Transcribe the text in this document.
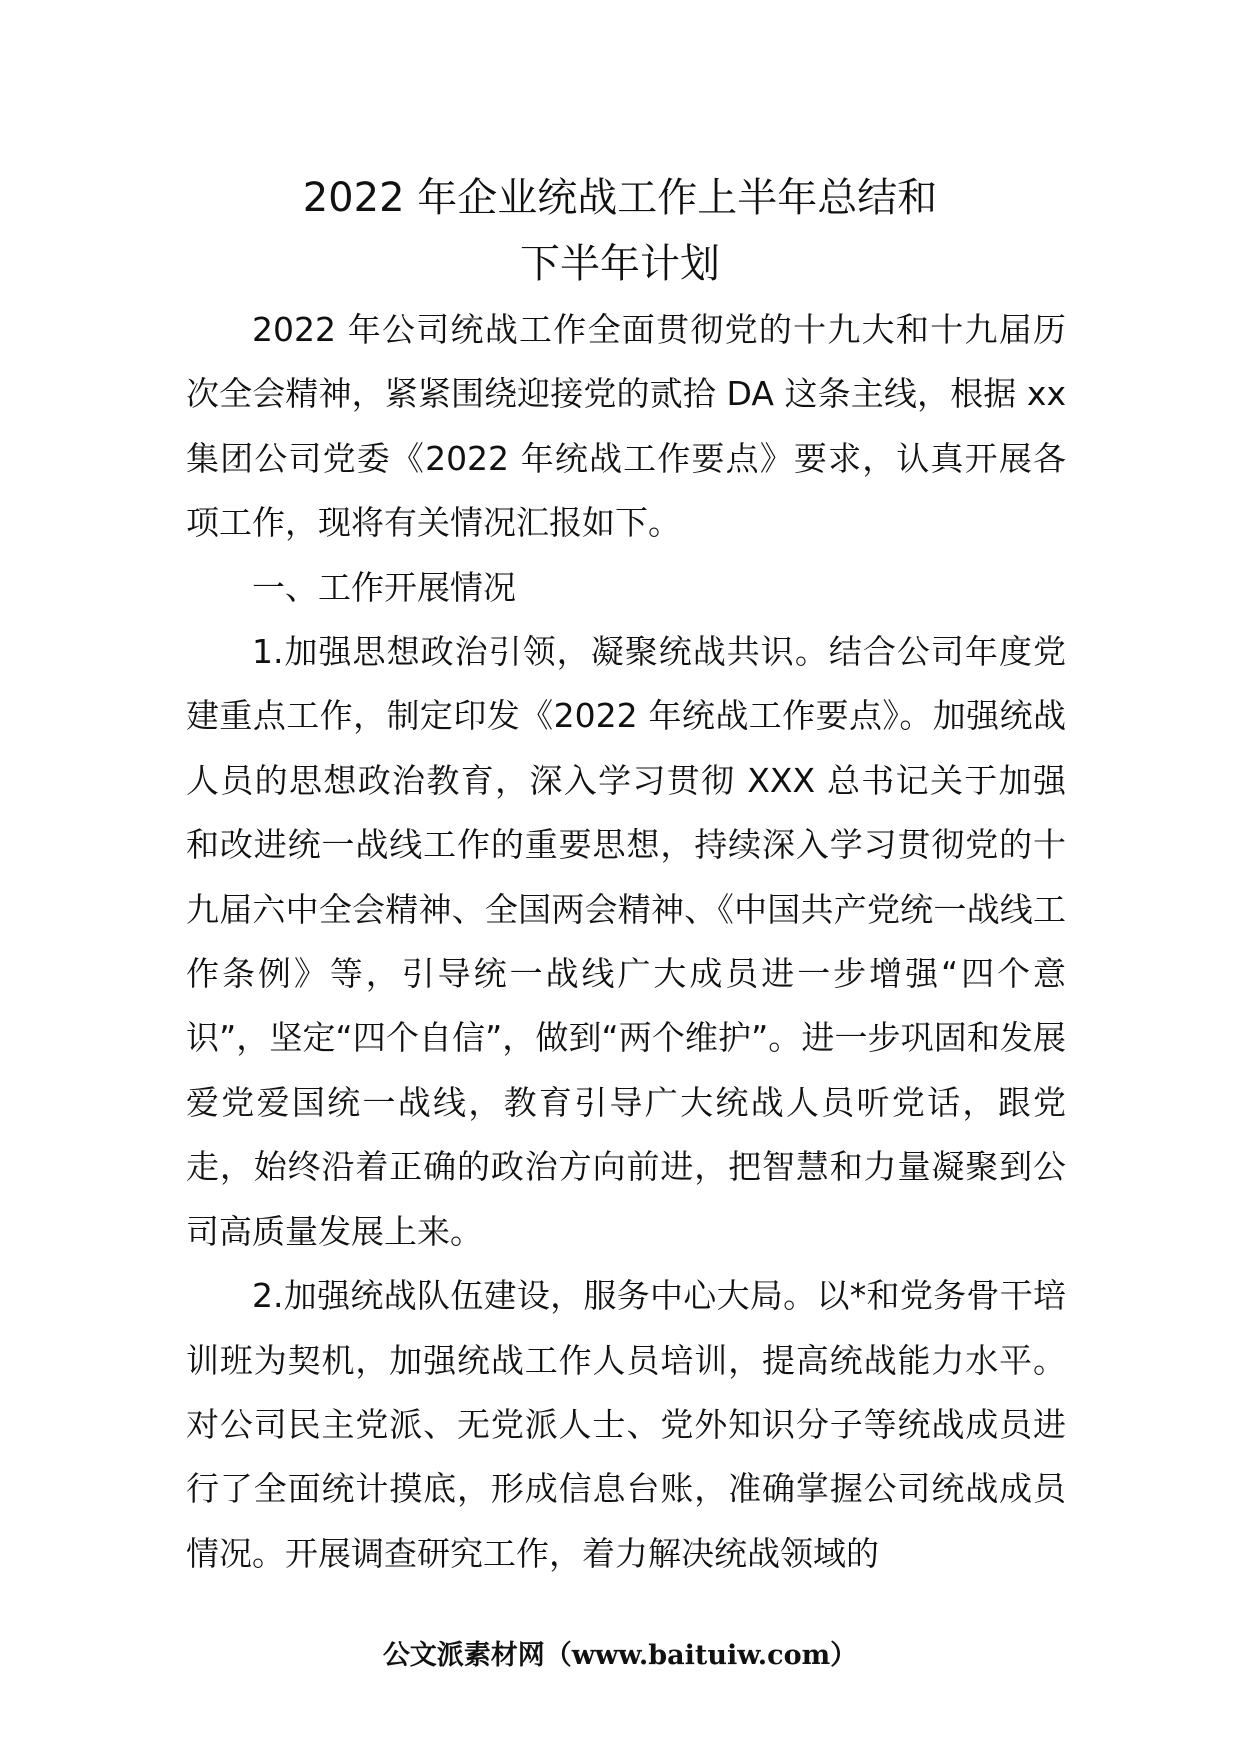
2022 年企业统战工作上半年总结和
下半年计划

2022 年公司统战工作全面贯彻党的十九大和十九届历次全会精神，紧紧围绕迎接党的贰拾 DA 这条主线，根据 xx 集团公司党委《2022 年统战工作要点》要求，认真开展各项工作，现将有关情况汇报如下。

一、工作开展情况

1.加强思想政治引领，凝聚统战共识。结合公司年度党建重点工作，制定印发《2022 年统战工作要点》。加强统战人员的思想政治教育，深入学习贯彻 XXX 总书记关于加强和改进统一战线工作的重要思想，持续深入学习贯彻党的十九届六中全会精神、全国两会精神、《中国共产党统一战线工作条例》等，引导统一战线广大成员进一步增强“四个意识”，坚定“四个自信”，做到“两个维护”。进一步巩固和发展爱党爱国统一战线，教育引导广大统战人员听党话，跟党走，始终沿着正确的政治方向前进，把智慧和力量凝聚到公司高质量发展上来。

2.加强统战队伍建设，服务中心大局。以*和党务骨干培训班为契机，加强统战工作人员培训，提高统战能力水平。对公司民主党派、无党派人士、党外知识分子等统战成员进行了全面统计摸底，形成信息台账，准确掌握公司统战成员情况。开展调查研究工作，着力解决统战领域的

公文派素材网（www.baituiw.com）
